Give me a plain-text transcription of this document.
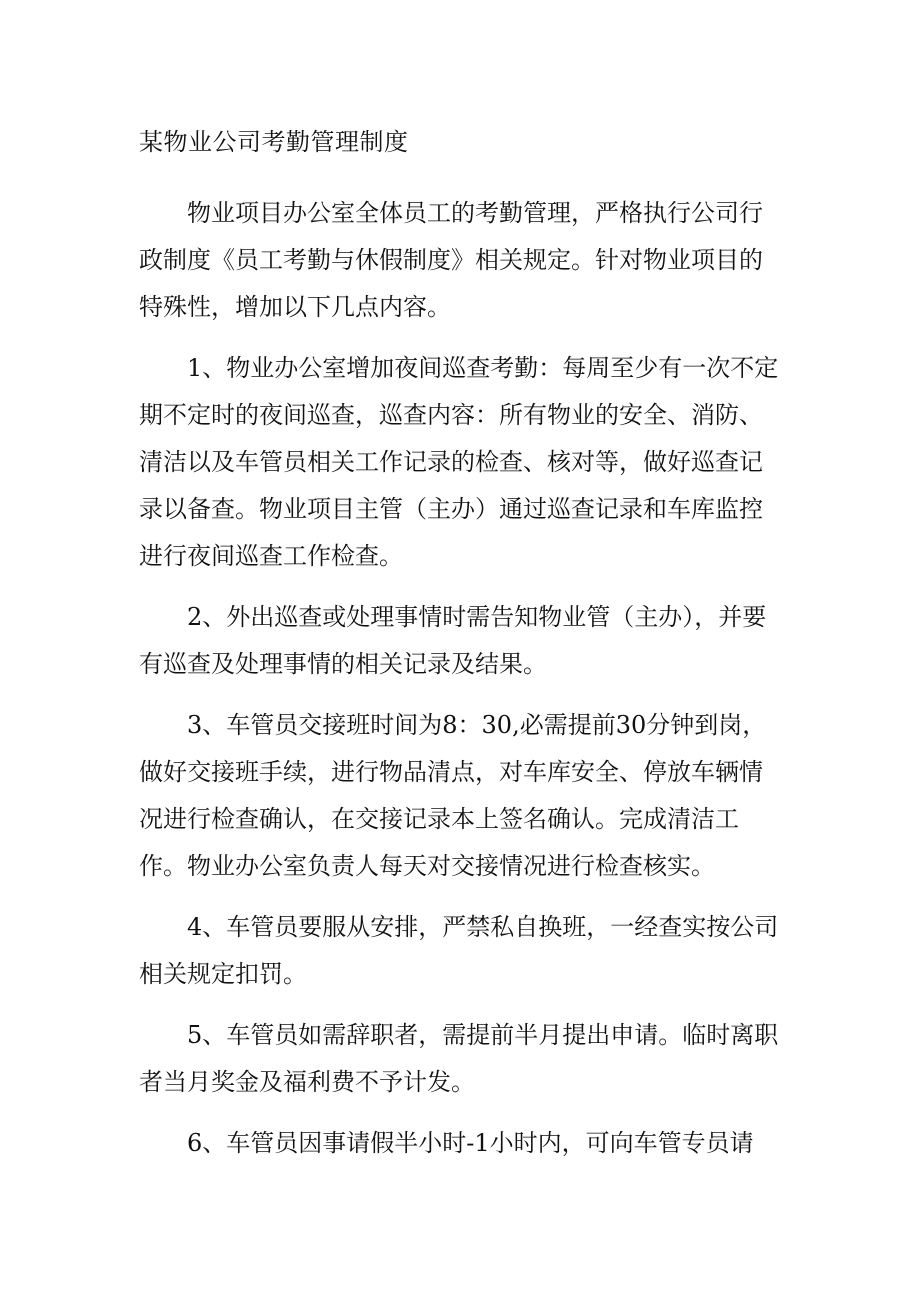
某物业公司考勤管理制度

物业项目办公室全体员工的考勤管理，严格执行公司行政制度《员工考勤与休假制度》相关规定。针对物业项目的特殊性，增加以下几点内容。

1、物业办公室增加夜间巡查考勤：每周至少有一次不定期不定时的夜间巡查，巡查内容：所有物业的安全、消防、清洁以及车管员相关工作记录的检查、核对等，做好巡查记录以备查。物业项目主管（主办）通过巡查记录和车库监控进行夜间巡查工作检查。

2、外出巡查或处理事情时需告知物业管（主办），并要有巡查及处理事情的相关记录及结果。

3、车管员交接班时间为8：30,必需提前30分钟到岗，做好交接班手续，进行物品清点，对车库安全、停放车辆情况进行检查确认，在交接记录本上签名确认。完成清洁工作。物业办公室负责人每天对交接情况进行检查核实。

4、车管员要服从安排，严禁私自换班，一经查实按公司相关规定扣罚。

5、车管员如需辞职者，需提前半月提出申请。临时离职者当月奖金及福利费不予计发。

6、车管员因事请假半小时-1小时内，可向车管专员请
